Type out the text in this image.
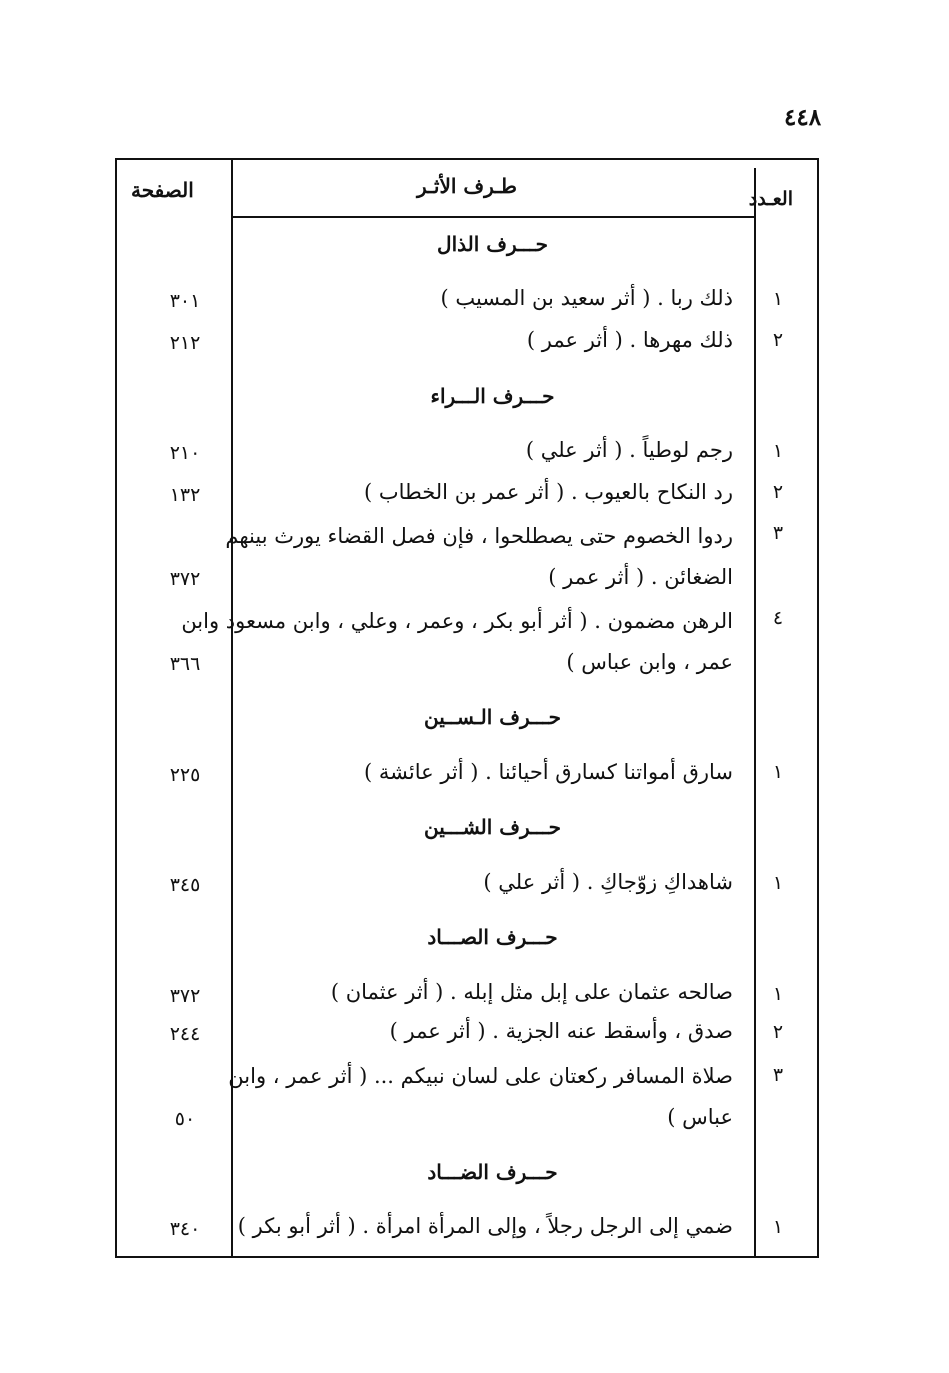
٤٤٨
الصفحة	طـرف الأثـر
العـدد
حـــرف الذال
١
ذلك ربا . ( أثر سعيد بن المسيب )
٣٠١
٢
ذلك مهرها . ( أثر عمر )
٢١٢
حـــرف الـــراء
١
رجم لوطياً . ( أثر علي )
٢١٠
٢
رد النكاح بالعيوب . ( أثر عمر بن الخطاب )
١٣٢
٣
ردوا الخصوم حتى يصطلحوا ، فإن فصل القضاء يورث بينهم
الضغائن . ( أثر عمر )
٣٧٢
٤
الرهن مضمون . ( أثر أبو بكر ، وعمر ، وعلي ، وابن مسعود وابن
عمر ، وابن عباس )
٣٦٦
حـــرف الـســين
١
سارق أمواتنا كسارق أحيائنا . ( أثر عائشة )
٢٢٥
حـــرف الشـــين
١
شاهداكِ زوّجاكِ . ( أثر علي )
٣٤٥
حـــرف الصـــاد
١
صالحه عثمان على إبل مثل إبله . ( أثر عثمان )
٣٧٢
٢
صدق ، وأسقط عنه الجزية . ( أثر عمر )
٢٤٤
٣
صلاة المسافر ركعتان على لسان نبيكم ... ( أثر عمر ، وابن
عباس )
٥٠
حـــرف الضـــاد
١
ضمي إلى الرجل رجلاً ، وإلى المرأة امرأة . ( أثر أبو بكر )
٣٤٠
